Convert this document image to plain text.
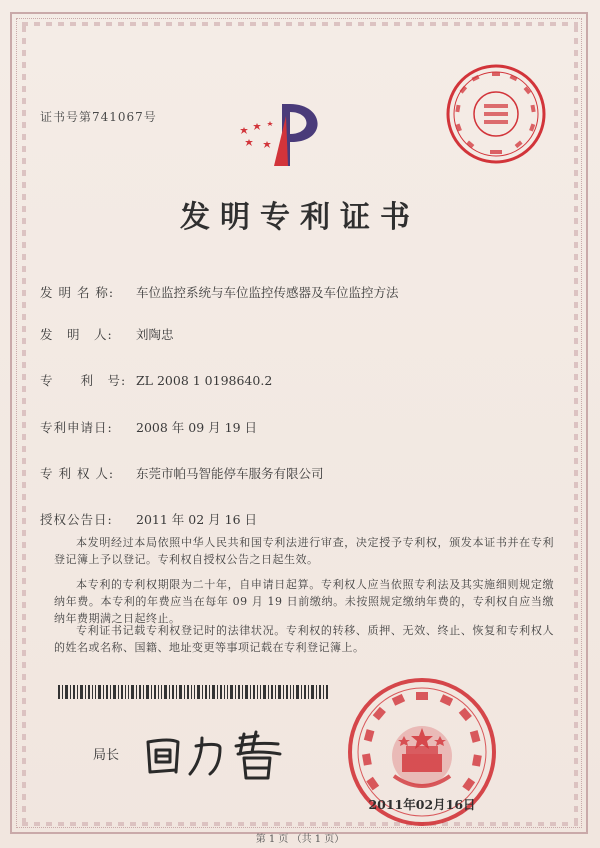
证书号第741067号
发明专利证书
发 明 名 称: 车位监控系统与车位监控传感器及车位监控方法
发　明　人: 刘陶忠
专　　利　号: ZL 2008 1 0198640.2
专利申请日: 2008 年 09 月 19 日
专 利 权 人: 东莞市帕马智能停车服务有限公司
授权公告日: 2011 年 02 月 16 日
本发明经过本局依照中华人民共和国专利法进行审查，决定授予专利权，颁发本证书并在专利登记簿上予以登记。专利权自授权公告之日起生效。
本专利的专利权期限为二十年，自申请日起算。专利权人应当依照专利法及其实施细则规定缴纳年费。本专利的年费应当在每年 09 月 19 日前缴纳。未按照规定缴纳年费的，专利权自应当缴纳年费期满之日起终止。
专利证书记载专利权登记时的法律状况。专利权的转移、质押、无效、终止、恢复和专利权人的姓名或名称、国籍、地址变更等事项记载在专利登记簿上。
局长
2011年02月16日
第 1 页 （共 1 页）
